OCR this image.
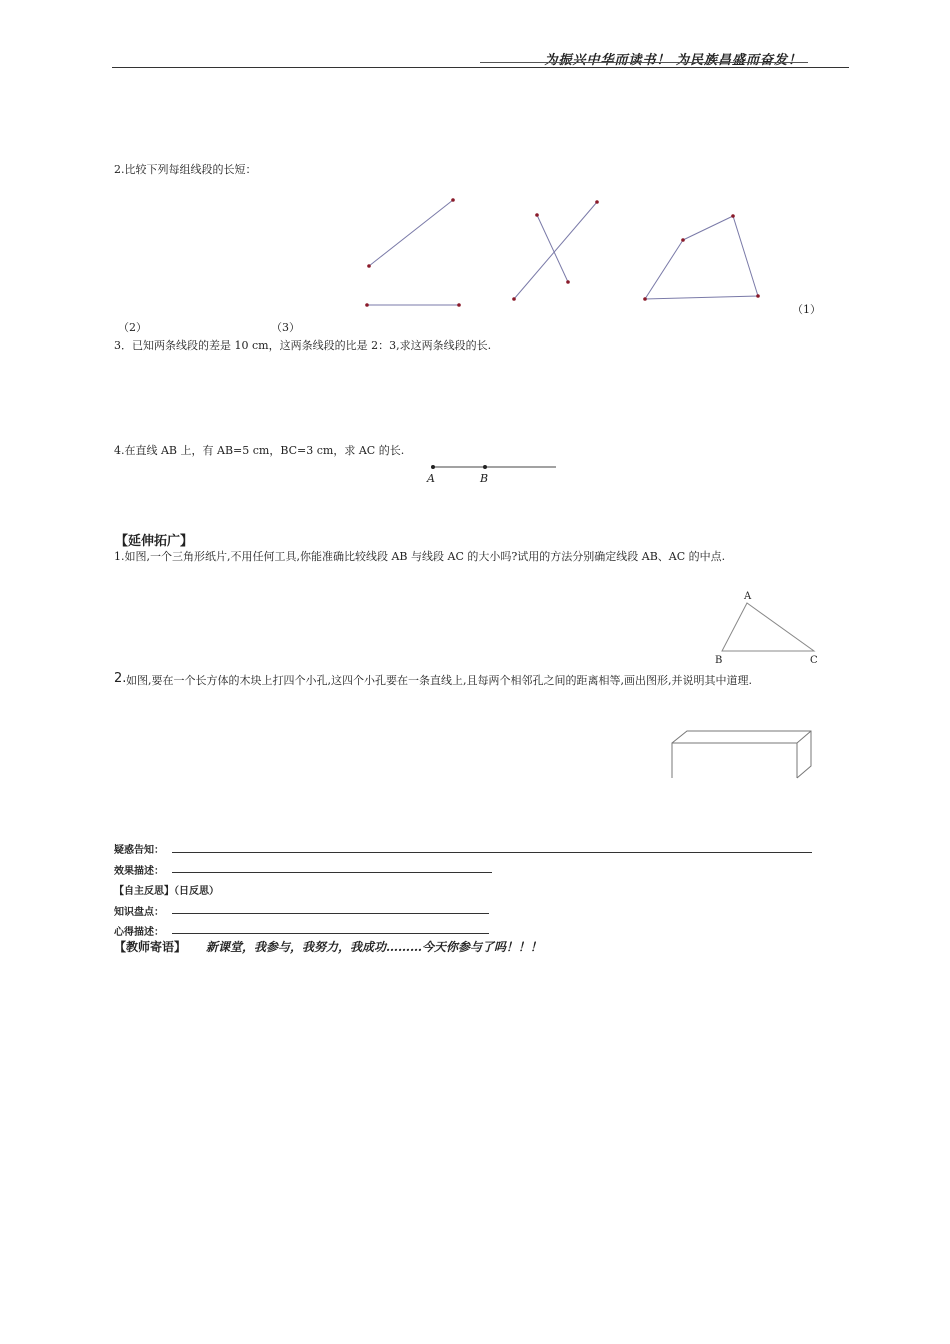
为振兴中华而读书！ 为民族昌盛而奋发！
2.比较下列每组线段的长短：
（1）
（2）	（3）
3．已知两条线段的差是 10 cm，这两条线段的比是 2：3,求这两条线段的长.
4.在直线 AB 上，有 AB=5 cm，BC=3 cm，求 AC 的长.
A	B
【延伸拓广】
1.如图,一个三角形纸片,不用任何工具,你能准确比较线段 AB 与线段 AC 的大小吗?试用的方法分别确定线段 AB、AC 的中点.
A
B	C
2. 如图,要在一个长方体的木块上打四个小孔,这四个小孔要在一条直线上,且每两个相邻孔之间的距离相等,画出图形,并说明其中道理.
疑惑告知：
效果描述：
【自主反思】（日反思）
知识盘点：
心得描述：
【教师寄语】 新课堂，我参与，我努力，我成功………今天你参与了吗！！！
